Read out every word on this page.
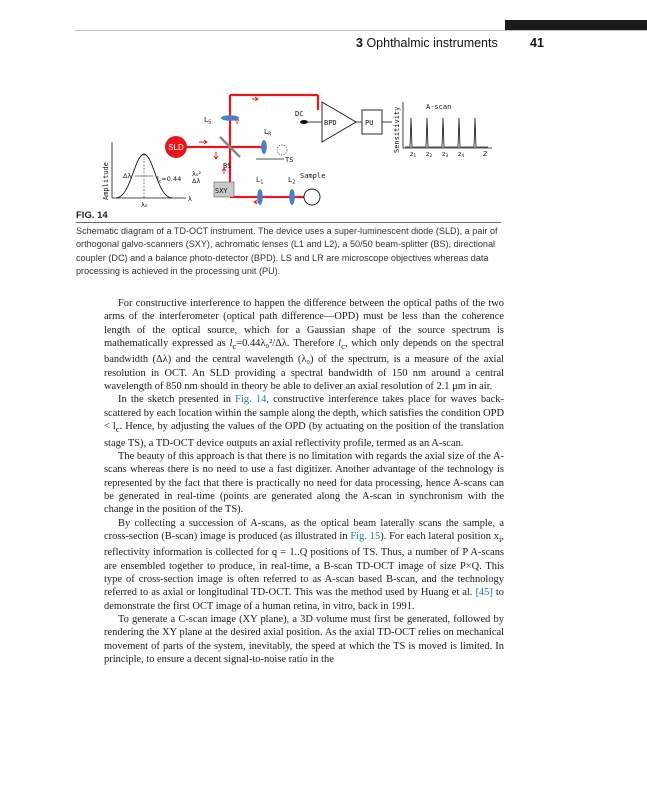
3 Ophthalmic instruments	41
Amplitude Δλ
λ₀
λ
$l_c=0.44$
λ₀²
Δλ
SLD
BS
$L_S$
$L_R$
$L_1$	$L_2$
TS
SXY
Sample
DC
BPD	PU	Sensitivity	A-scan
z1 z2 z3 z4	Z
FIG. 14
Schematic diagram of a TD-OCT instrument. The device uses a super-luminescent diode (SLD), a pair of orthogonal galvo-scanners (SXY), achromatic lenses (L1 and L2), a 50/50 beam-splitter (BS), directional coupler (DC) and a balance photo-detector (BPD). LS and LR are microscope objectives whereas data processing is achieved in the processing unit (PU).

For constructive interference to happen the difference between the optical paths of the two arms of the interferometer (optical path difference—OPD) must be less than the coherence length of the optical source, which for a Gaussian shape of the source spectrum is mathematically expressed as $l_c=0.44\lambda_0^2/\Delta\lambda$. Therefore $l_c$, which only depends on the spectral bandwidth (Δλ) and the central wavelength (λ₀) of the spectrum, is a measure of the axial resolution in OCT. An SLD providing a spectral bandwidth of 150 nm around a central wavelength of 850 nm should in theory be able to deliver an axial resolution of 2.1 μm in air.

In the sketch presented in Fig. 14, constructive interference takes place for waves back-scattered by each location within the sample along the depth, which satisfies the condition OPD < $l_c$. Hence, by adjusting the values of the OPD (by actuating on the position of the translation stage TS), a TD-OCT device outputs an axial reflectivity profile, termed as an A-scan.

The beauty of this approach is that there is no limitation with regards the axial size of the A-scans whereas there is no need to use a fast digitizer. Another advantage of the technology is represented by the fact that there is practically no need for data processing, hence A-scans can be generated in real-time (points are generated along the A-scan in synchronism with the change in the position of the TS).

By collecting a succession of A-scans, as the optical beam laterally scans the sample, a cross-section (B-scan) image is produced (as illustrated in Fig. 15). For each lateral position $x_i$, reflectivity information is collected for q = 1..Q positions of TS. Thus, a number of P A-scans are ensembled together to produce, in real-time, a B-scan TD-OCT image of size P×Q. This type of cross-section image is often referred to as A-scan based B-scan, and the technology referred to as axial or longitudinal TD-OCT. This was the method used by Huang et al. [45] to demonstrate the first OCT image of a human retina, in vitro, back in 1991.

To generate a C-scan image (XY plane), a 3D volume must first be generated, followed by rendering the XY plane at the desired axial position. As the axial TD-OCT relies on mechanical movement of parts of the system, inevitably, the speed at which the TS is moved is limited. In principle, to ensure a decent signal-to-noise ratio in the
